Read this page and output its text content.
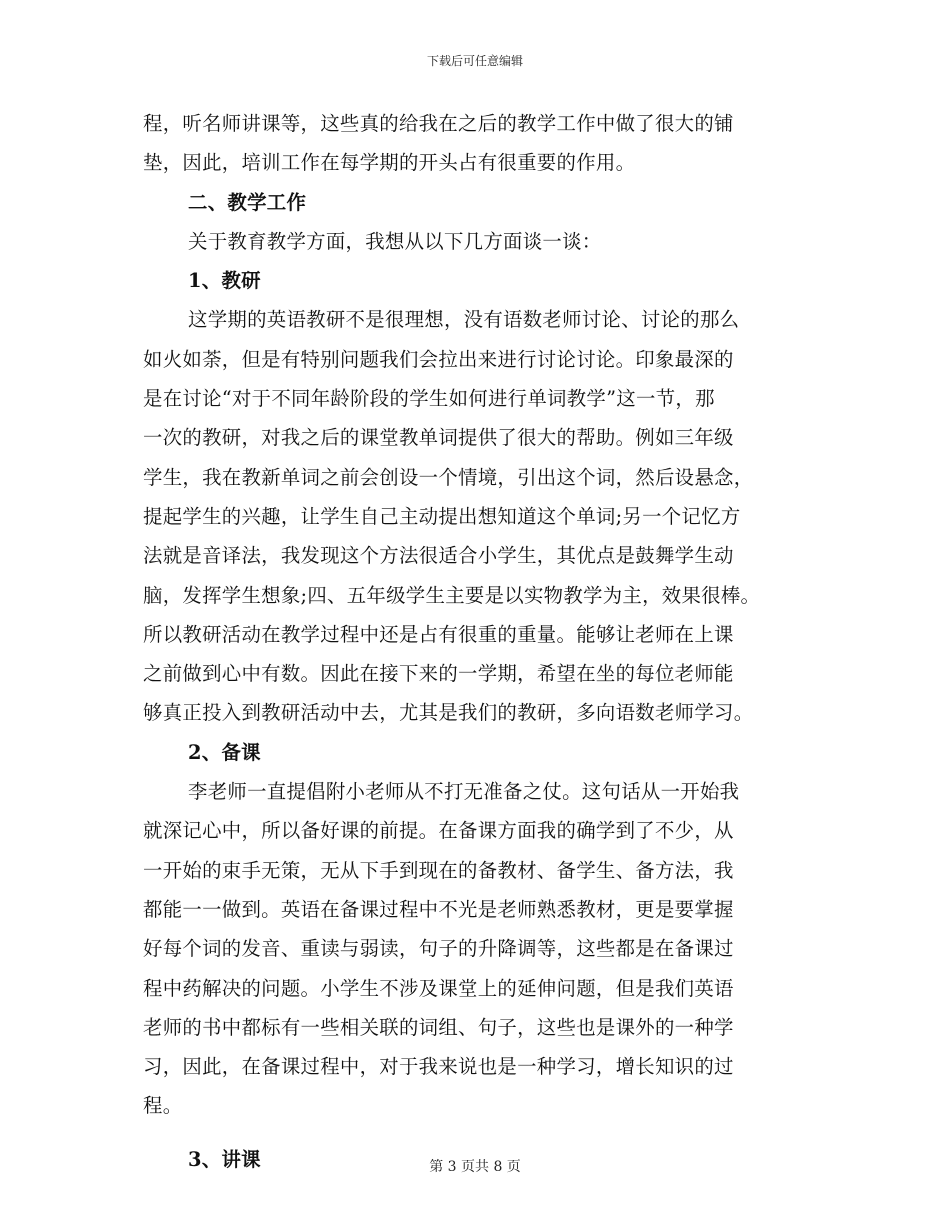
下载后可任意编辑
程，听名师讲课等，这些真的给我在之后的教学工作中做了很大的铺
垫，因此，培训工作在每学期的开头占有很重要的作用。
二、教学工作
关于教育教学方面，我想从以下几方面谈一谈：
1、教研
这学期的英语教研不是很理想，没有语数老师讨论、讨论的那么
如火如荼，但是有特别问题我们会拉出来进行讨论讨论。印象最深的
是在讨论“对于不同年龄阶段的学生如何进行单词教学”这一节，那
一次的教研，对我之后的课堂教单词提供了很大的帮助。例如三年级
学生，我在教新单词之前会创设一个情境，引出这个词，然后设悬念，
提起学生的兴趣，让学生自己主动提出想知道这个单词;另一个记忆方
法就是音译法，我发现这个方法很适合小学生，其优点是鼓舞学生动
脑，发挥学生想象;四、五年级学生主要是以实物教学为主，效果很棒。
所以教研活动在教学过程中还是占有很重的重量。能够让老师在上课
之前做到心中有数。因此在接下来的一学期，希望在坐的每位老师能
够真正投入到教研活动中去，尤其是我们的教研，多向语数老师学习。
2、备课
李老师一直提倡附小老师从不打无准备之仗。这句话从一开始我
就深记心中，所以备好课的前提。在备课方面我的确学到了不少，从
一开始的束手无策，无从下手到现在的备教材、备学生、备方法，我
都能一一做到。英语在备课过程中不光是老师熟悉教材，更是要掌握
好每个词的发音、重读与弱读，句子的升降调等，这些都是在备课过
程中药解决的问题。小学生不涉及课堂上的延伸问题，但是我们英语
老师的书中都标有一些相关联的词组、句子，这些也是课外的一种学
习，因此，在备课过程中，对于我来说也是一种学习，增长知识的过
程。
3、讲课	第 3 页共 8 页
